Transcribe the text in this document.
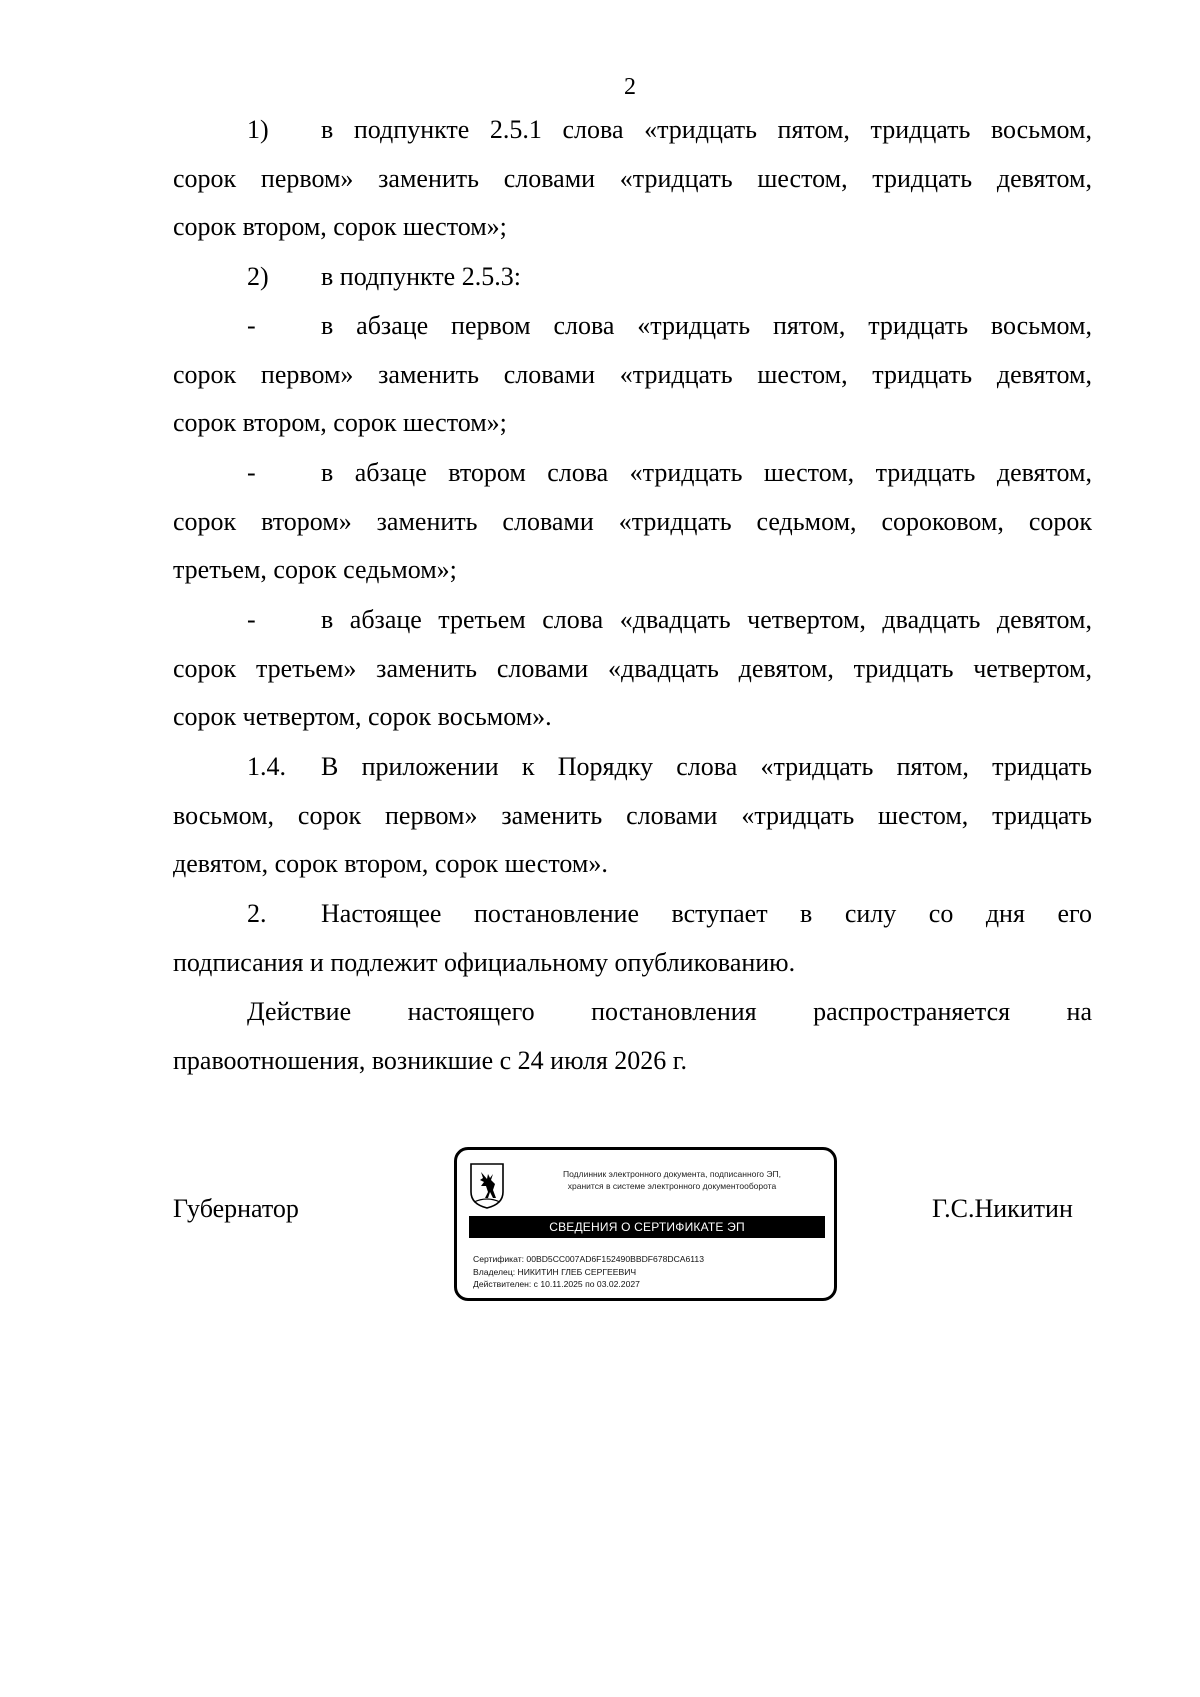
2
1) в подпункте 2.5.1 слова «тридцать пятом, тридцать восьмом,
сорок первом» заменить словами «тридцать шестом, тридцать девятом,
сорок втором, сорок шестом»;
2) в подпункте 2.5.3:
-	в абзаце первом слова «тридцать пятом, тридцать восьмом,
сорок первом» заменить словами «тридцать шестом, тридцать девятом,
сорок втором, сорок шестом»;
-	в абзаце втором слова «тридцать шестом, тридцать девятом,
сорок втором» заменить словами «тридцать седьмом, сороковом, сорок
третьем, сорок седьмом»;
-	в абзаце третьем слова «двадцать четвертом, двадцать девятом,
сорок третьем» заменить словами «двадцать девятом, тридцать четвертом,
сорок четвертом, сорок восьмом».
1.4. В приложении к Порядку слова «тридцать пятом, тридцать
восьмом, сорок первом» заменить словами «тридцать шестом, тридцать
девятом, сорок втором, сорок шестом».
2. Настоящее постановление вступает в силу со дня его
подписания и подлежит официальному опубликованию.
Действие настоящего постановления распространяется на
правоотношения, возникшие с 24 июля 2026 г.
Губернатор	Г.С.Никитин
Подлинник электронного документа, подписанного ЭП,
хранится в системе электронного документооборота
СВЕДЕНИЯ О СЕРТИФИКАТЕ ЭП
Сертификат: 00BD5CC007AD6F152490BBDF678DCA6113
Владелец: НИКИТИН ГЛЕБ СЕРГЕЕВИЧ
Действителен: с 10.11.2025 по 03.02.2027
